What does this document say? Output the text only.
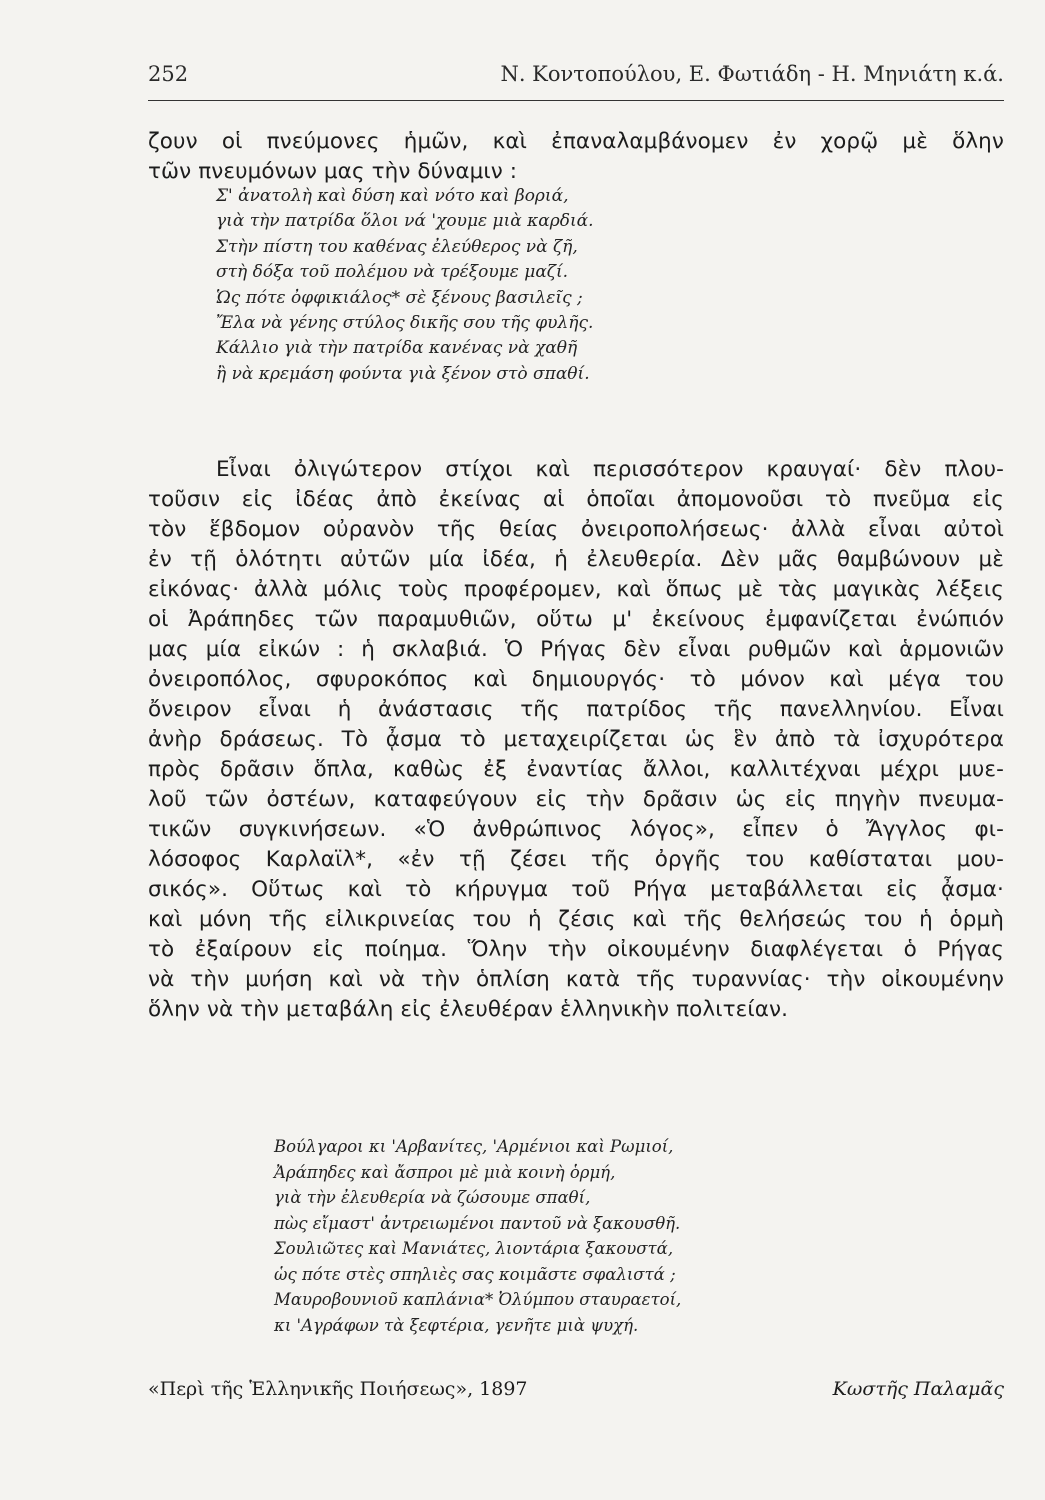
252	Ν. Κοντοπούλου, Ε. Φωτιάδη - Η. Μηνιάτη κ.ά.
ζουν οἱ πνεύμονες ἡμῶν, καὶ ἐπαναλαμβάνομεν ἐν χορῷ μὲ ὅλην
τῶν πνευμόνων μας τὴν δύναμιν :
Σ' ἀνατολὴ καὶ δύση καὶ νότο καὶ βοριά,
γιὰ τὴν πατρίδα ὅλοι νά 'χουμε μιὰ καρδιά.
Στὴν πίστη του καθένας ἐλεύθερος νὰ ζῆ,
στὴ δόξα τοῦ πολέμου νὰ τρέξουμε μαζί.
Ὡς πότε ὀφφικιάλος* σὲ ξένους βασιλεῖς ;
Ἔλα νὰ γένης στύλος δικῆς σου τῆς φυλῆς.
Κάλλιο γιὰ τὴν πατρίδα κανένας νὰ χαθῆ
ἢ νὰ κρεμάση φούντα γιὰ ξένον στὸ σπαθί.
Εἶναι ὀλιγώτερον στίχοι καὶ περισσότερον κραυγαί· δὲν πλου-
τοῦσιν εἰς ἰδέας ἀπὸ ἐκείνας αἱ ὁποῖαι ἀπομονοῦσι τὸ πνεῦμα εἰς
τὸν ἕβδομον οὐρανὸν τῆς θείας ὀνειροπολήσεως· ἀλλὰ εἶναι αὐτοὶ
ἐν τῇ ὁλότητι αὐτῶν μία ἰδέα, ἡ ἐλευθερία. Δὲν μᾶς θαμβώνουν μὲ
εἰκόνας· ἀλλὰ μόλις τοὺς προφέρομεν, καὶ ὅπως μὲ τὰς μαγικὰς λέξεις
οἱ Ἀράπηδες τῶν παραμυθιῶν, οὕτω μ' ἐκείνους ἐμφανίζεται ἐνώπιόν
μας μία εἰκών : ἡ σκλαβιά. Ὁ Ρήγας δὲν εἶναι ρυθμῶν καὶ ἁρμονιῶν
ὀνειροπόλος, σφυροκόπος καὶ δημιουργός· τὸ μόνον καὶ μέγα του
ὄνειρον εἶναι ἡ ἀνάστασις τῆς πατρίδος τῆς πανελληνίου. Εἶναι
ἀνὴρ δράσεως. Τὸ ᾆσμα τὸ μεταχειρίζεται ὡς ἓν ἀπὸ τὰ ἰσχυρότερα
πρὸς δρᾶσιν ὅπλα, καθὼς ἐξ ἐναντίας ἄλλοι, καλλιτέχναι μέχρι μυε-
λοῦ τῶν ὀστέων, καταφεύγουν εἰς τὴν δρᾶσιν ὡς εἰς πηγὴν πνευμα-
τικῶν συγκινήσεων. «Ὁ ἀνθρώπινος λόγος», εἶπεν ὁ Ἄγγλος φι-
λόσοφος Καρλαϊλ*, «ἐν τῇ ζέσει τῆς ὀργῆς του καθίσταται μου-
σικός». Οὕτως καὶ τὸ κήρυγμα τοῦ Ρήγα μεταβάλλεται εἰς ᾆσμα·
καὶ μόνη τῆς εἰλικρινείας του ἡ ζέσις καὶ τῆς θελήσεώς του ἡ ὁρμὴ
τὸ ἐξαίρουν εἰς ποίημα. Ὅλην τὴν οἰκουμένην διαφλέγεται ὁ Ρήγας
νὰ τὴν μυήση καὶ νὰ τὴν ὁπλίση κατὰ τῆς τυραννίας· τὴν οἰκουμένην
ὅλην νὰ τὴν μεταβάλη εἰς ἐλευθέραν ἑλληνικὴν πολιτείαν.
Βούλγαροι κι 'Αρβανίτες, 'Αρμένιοι καὶ Ρωμιοί,
Ἀράπηδες καὶ ἄσπροι μὲ μιὰ κοινὴ ὁρμή,
γιὰ τὴν ἐλευθερία νὰ ζώσουμε σπαθί,
πὼς εἴμαστ' ἀντρειωμένοι παντοῦ νὰ ξακουσθῆ.
Σουλιῶτες καὶ Μανιάτες, λιοντάρια ξακουστά,
ὡς πότε στὲς σπηλιὲς σας κοιμᾶστε σφαλιστά ;
Μαυροβουνιοῦ καπλάνια* Ὀλύμπου σταυραετοί,
κι 'Αγράφων τὰ ξεφτέρια, γενῆτε μιὰ ψυχή.
«Περὶ τῆς Ἑλληνικῆς Ποιήσεως», 1897	Κωστῆς Παλαμᾶς
